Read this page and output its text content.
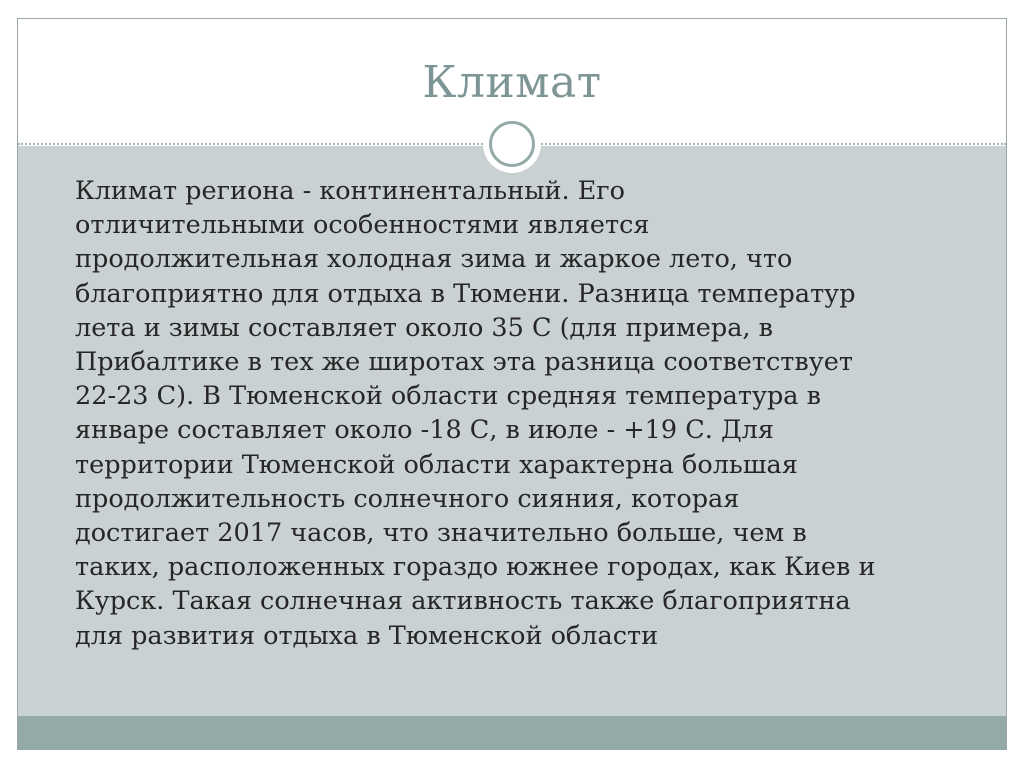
Климат

Климат региона - континентальный. Его
отличительными особенностями является
продолжительная холодная зима и жаркое лето, что
благоприятно для отдыха в Тюмени. Разница температур
лета и зимы составляет около 35 С (для примера, в
Прибалтике в тех же широтах эта разница соответствует
22-23 С). В Тюменской области средняя температура в
январе составляет около -18 С, в июле - +19 С. Для
территории Тюменской области характерна большая
продолжительность солнечного сияния, которая
достигает 2017 часов, что значительно больше, чем в
таких, расположенных гораздо южнее городах, как Киев и
Курск. Такая солнечная активность также благоприятна
для развития отдыха в Тюменской области
